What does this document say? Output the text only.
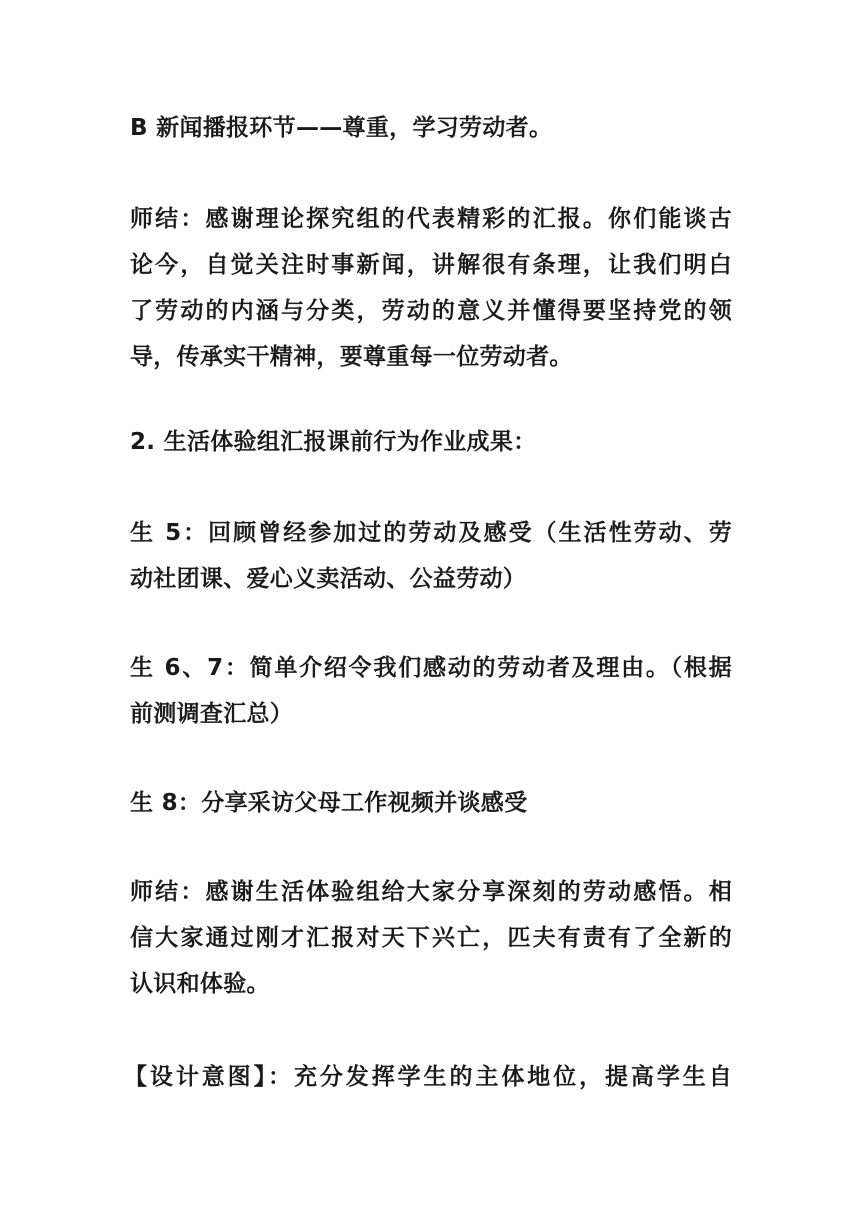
B 新闻播报环节——尊重，学习劳动者。
师结：感谢理论探究组的代表精彩的汇报。你们能谈古
论今，自觉关注时事新闻，讲解很有条理，让我们明白
了劳动的内涵与分类，劳动的意义并懂得要坚持党的领
导，传承实干精神，要尊重每一位劳动者。
2. 生活体验组汇报课前行为作业成果：
生 5：回顾曾经参加过的劳动及感受（生活性劳动、劳
动社团课、爱心义卖活动、公益劳动）
生 6、7：简单介绍令我们感动的劳动者及理由。（根据
前测调查汇总）
生 8：分享采访父母工作视频并谈感受
师结：感谢生活体验组给大家分享深刻的劳动感悟。相
信大家通过刚才汇报对天下兴亡，匹夫有责有了全新的
认识和体验。
【设计意图】：充分发挥学生的主体地位，提高学生自
